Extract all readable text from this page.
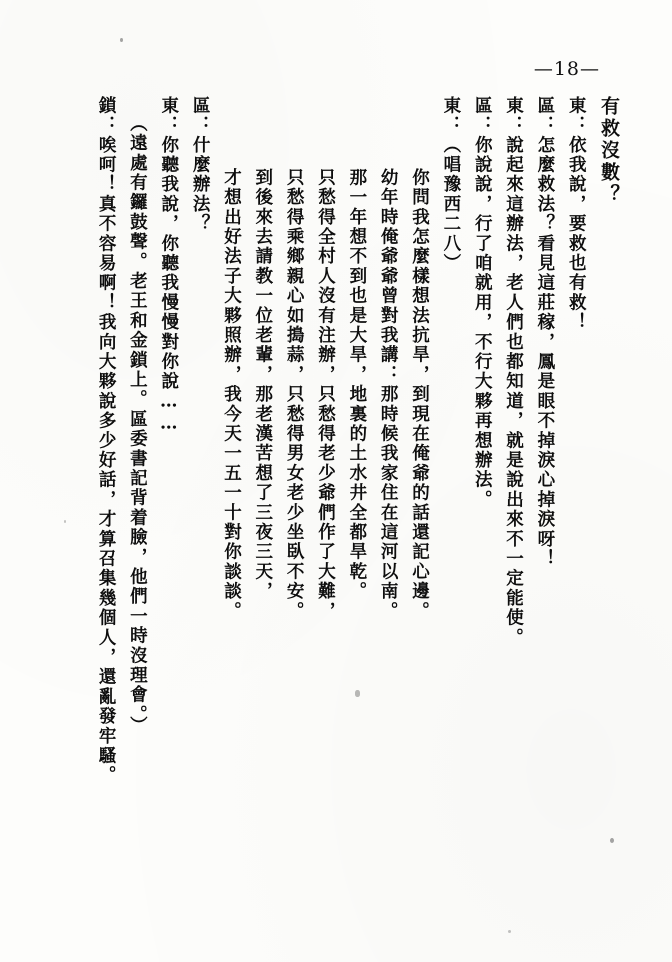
—18—
有救沒數？
東：依我說，要救也有救！
區：怎麼救法？看見這莊稼，鳳是眼不掉淚心掉淚呀！
東：說起來這辦法，老人們也都知道，就是說出來不一定能使。
區：你說說，行了咱就用，不行大夥再想辦法。
東：（唱豫西二八）
你問我怎麼樣想法抗旱，到現在俺爺的話還記心邊。
幼年時俺爺爺曾對我講：那時候我家住在這河以南。
那一年想不到也是大旱，地裏的土水井全都旱乾。
只愁得全村人沒有注辦，只愁得老少爺們作了大難，
只愁得乘鄉親心如搗蒜，只愁得男女老少坐臥不安。
到後來去請教一位老輩，那老漢苦想了三夜三天，
才想出好法子大夥照辦，我今天一五一十對你談談。
區：什麼辦法？
東：你聽我說，你聽我慢慢對你說……
（遠處有鑼鼓聲。老王和金鎖上。區委書記背着臉，他們一時沒理會。）
鎖：唉呵！真不容易啊！我向大夥說多少好話，才算召集幾個人，還亂發牢騷。
